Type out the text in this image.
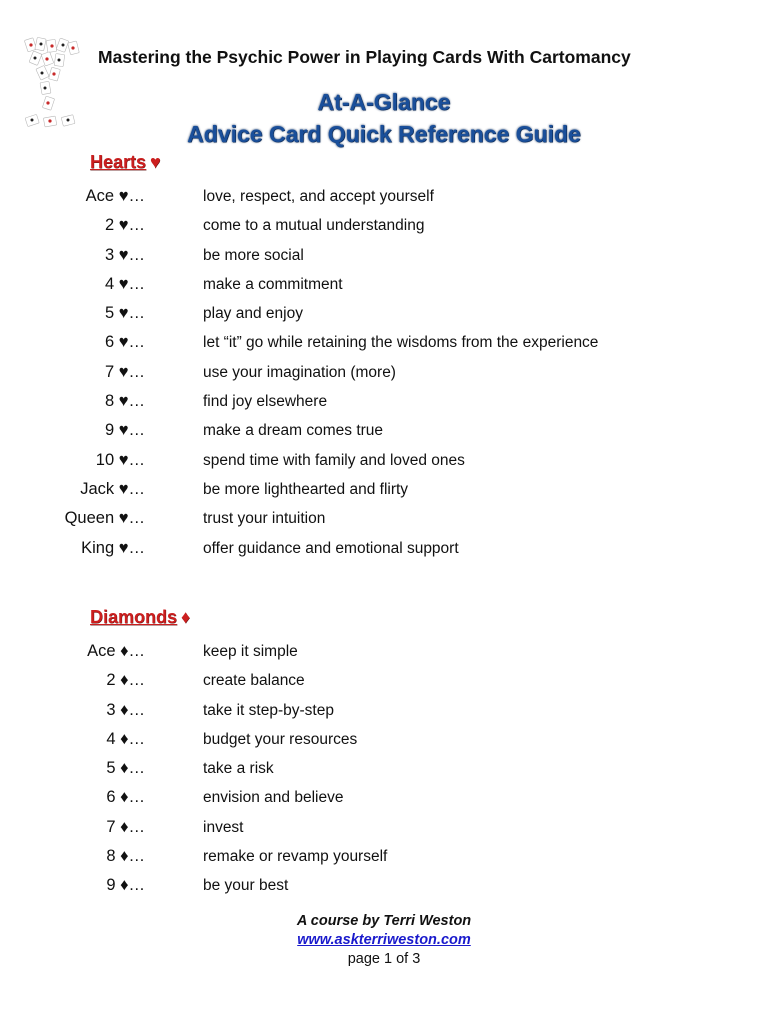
Mastering the Psychic Power in Playing Cards With Cartomancy
At-A-Glance
Advice Card Quick Reference Guide
Hearts ♥
Ace ♥…	love, respect, and accept yourself
2 ♥…	come to a mutual understanding
3 ♥…	be more social
4 ♥…	make a commitment
5 ♥…	play and enjoy
6 ♥…	let “it” go while retaining the wisdoms from the experience
7 ♥…	use your imagination (more)
8 ♥…	find joy elsewhere
9 ♥…	make a dream comes true
10 ♥…	spend time with family and loved ones
Jack ♥…	be more lighthearted and flirty
Queen ♥…	trust your intuition
King ♥…	offer guidance and emotional support
Diamonds ♦
Ace ♦…	keep it simple
2 ♦…	create balance
3 ♦…	take it step-by-step
4 ♦…	budget your resources
5 ♦…	take a risk
6 ♦…	envision and believe
7 ♦…	invest
8 ♦…	remake or revamp yourself
9 ♦…	be your best
A course by Terri Weston
www.askterriweston.com
page 1 of 3
